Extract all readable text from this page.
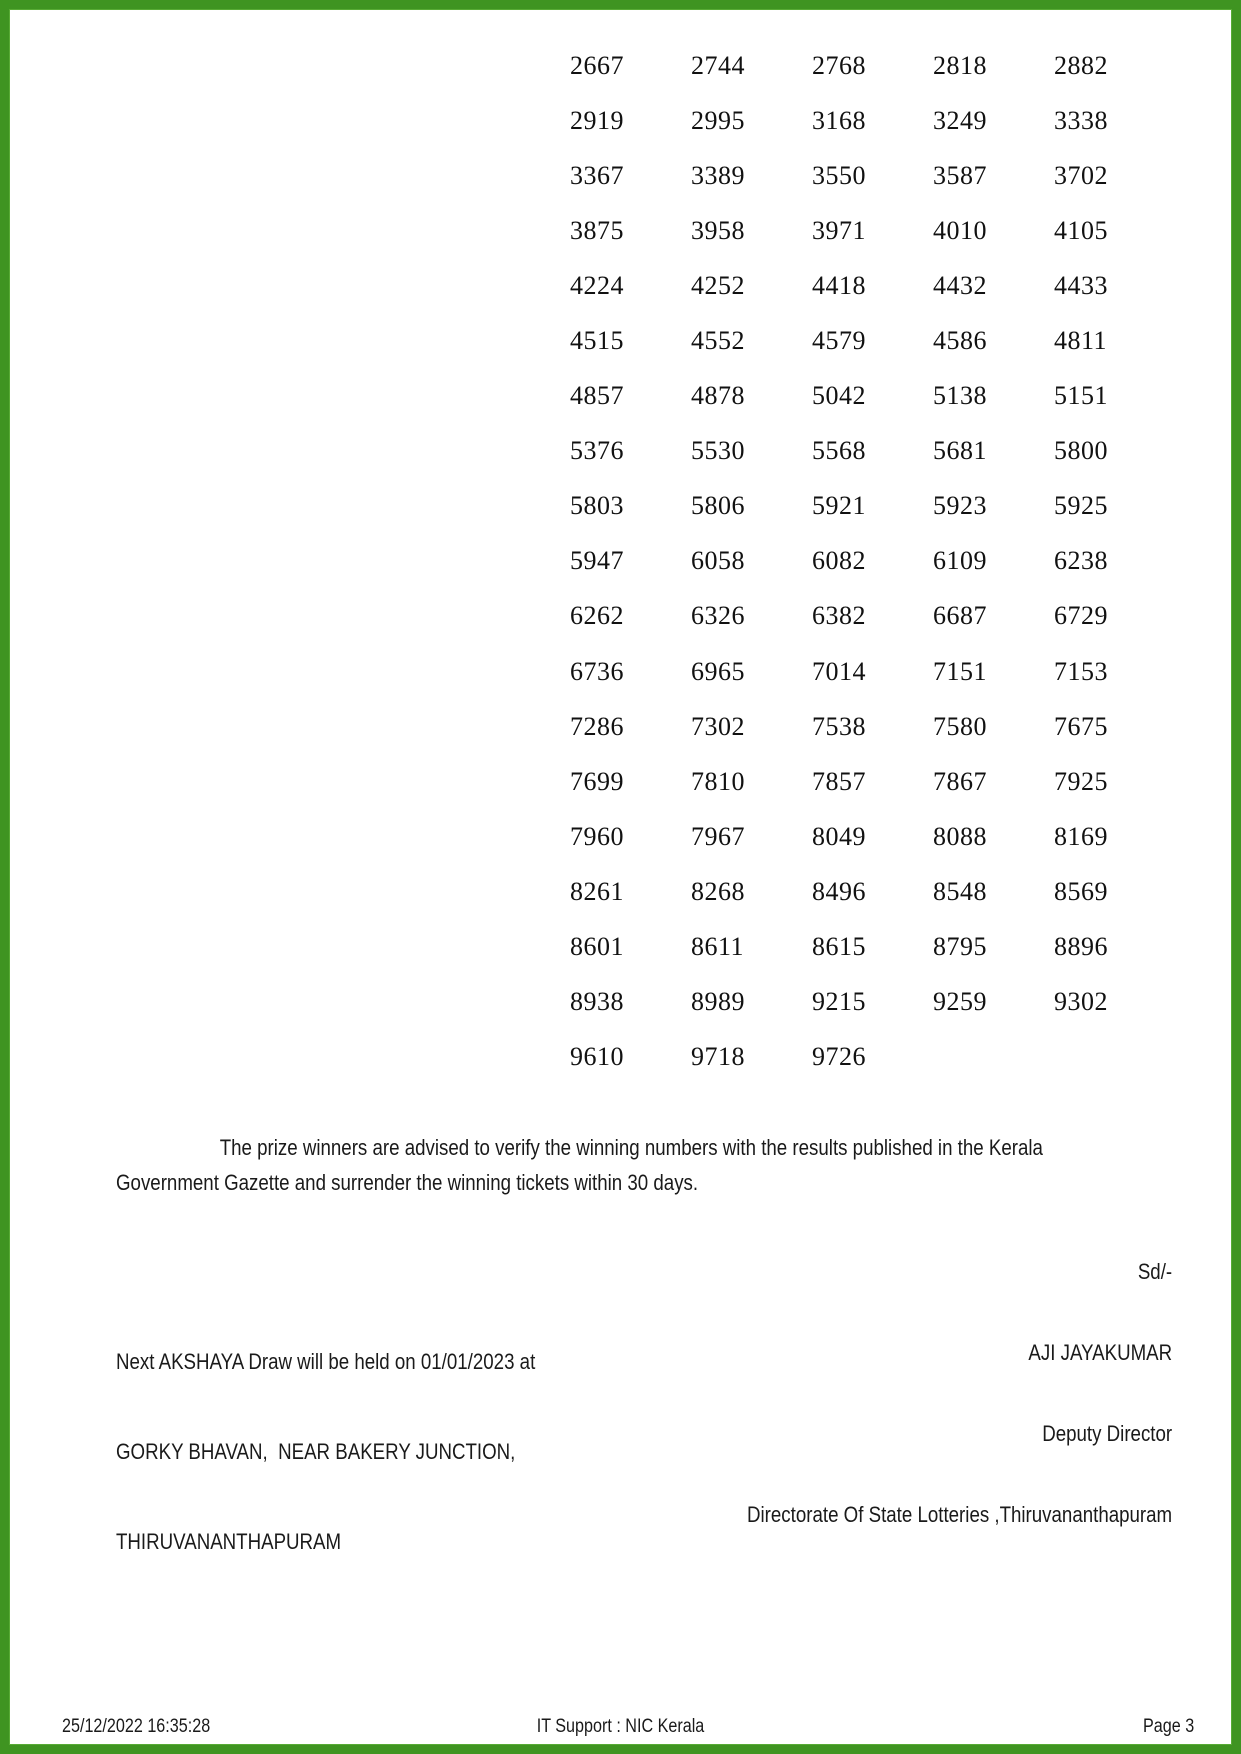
2667	2744	2768	2818	2882
2919	2995	3168	3249	3338
3367	3389	3550	3587	3702
3875	3958	3971	4010	4105
4224	4252	4418	4432	4433
4515	4552	4579	4586	4811
4857	4878	5042	5138	5151
5376	5530	5568	5681	5800
5803	5806	5921	5923	5925
5947	6058	6082	6109	6238
6262	6326	6382	6687	6729
6736	6965	7014	7151	7153
7286	7302	7538	7580	7675
7699	7810	7857	7867	7925
7960	7967	8049	8088	8169
8261	8268	8496	8548	8569
8601	8611	8615	8795	8896
8938	8989	9215	9259	9302
9610	9718	9726
The prize winners are advised to verify the winning numbers with the results published in the Kerala
Government Gazette and surrender the winning tickets within 30 days.

Sd/-

AJI JAYAKUMAR

Deputy Director

Directorate Of State Lotteries ,Thiruvananthapuram

Next AKSHAYA Draw will be held on 01/01/2023 at

GORKY BHAVAN,  NEAR BAKERY JUNCTION,

THIRUVANANTHAPURAM

25/12/2022 16:35:28	IT Support : NIC Kerala	Page 3
